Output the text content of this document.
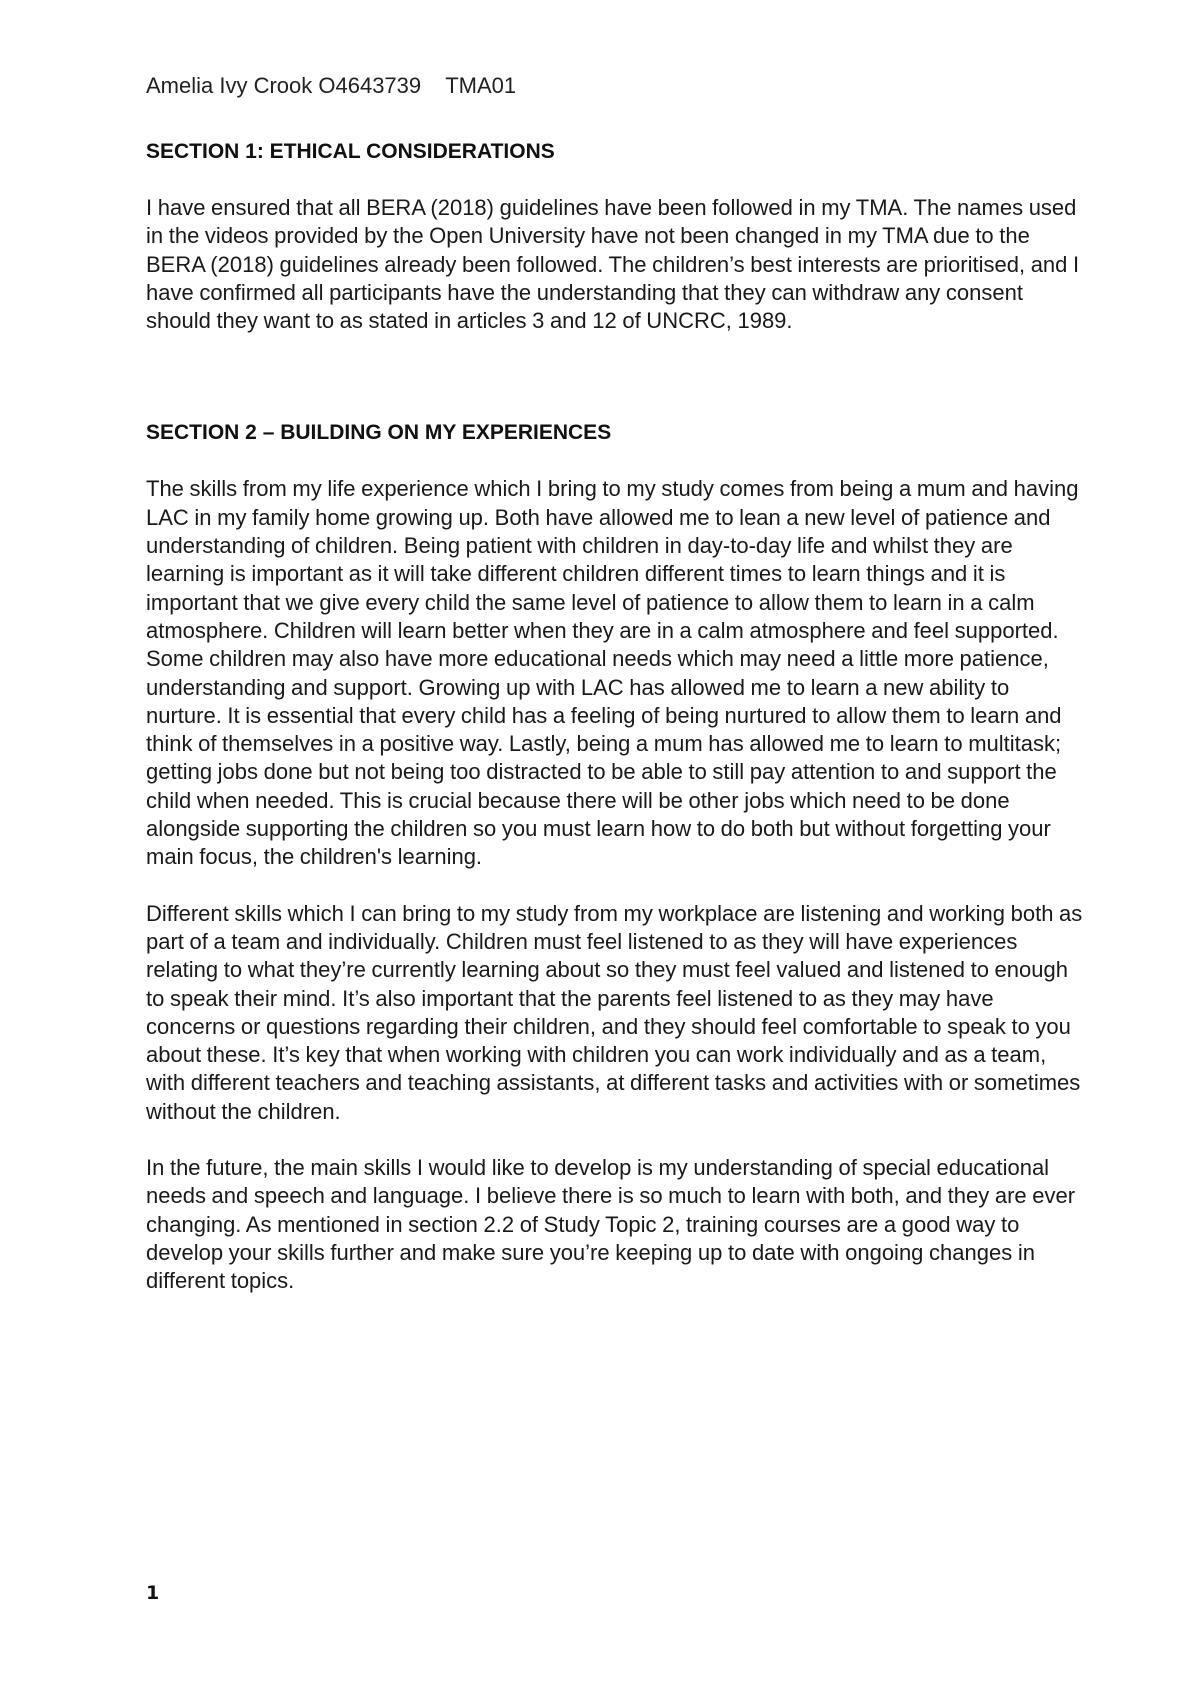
Amelia Ivy Crook O4643739    TMA01

SECTION 1: ETHICAL CONSIDERATIONS

I have ensured that all BERA (2018) guidelines have been followed in my TMA. The names used in the videos provided by the Open University have not been changed in my TMA due to the BERA (2018) guidelines already been followed. The children’s best interests are prioritised, and I have confirmed all participants have the understanding that they can withdraw any consent should they want to as stated in articles 3 and 12 of UNCRC, 1989.

SECTION 2 – BUILDING ON MY EXPERIENCES

The skills from my life experience which I bring to my study comes from being a mum and having LAC in my family home growing up. Both have allowed me to lean a new level of patience and understanding of children. Being patient with children in day-to-day life and whilst they are learning is important as it will take different children different times to learn things and it is important that we give every child the same level of patience to allow them to learn in a calm atmosphere. Children will learn better when they are in a calm atmosphere and feel supported. Some children may also have more educational needs which may need a little more patience, understanding and support. Growing up with LAC has allowed me to learn a new ability to nurture. It is essential that every child has a feeling of being nurtured to allow them to learn and think of themselves in a positive way. Lastly, being a mum has allowed me to learn to multitask; getting jobs done but not being too distracted to be able to still pay attention to and support the child when needed. This is crucial because there will be other jobs which need to be done alongside supporting the children so you must learn how to do both but without forgetting your main focus, the children's learning.

Different skills which I can bring to my study from my workplace are listening and working both as part of a team and individually. Children must feel listened to as they will have experiences relating to what they’re currently learning about so they must feel valued and listened to enough to speak their mind. It’s also important that the parents feel listened to as they may have concerns or questions regarding their children, and they should feel comfortable to speak to you about these. It’s key that when working with children you can work individually and as a team, with different teachers and teaching assistants, at different tasks and activities with or sometimes without the children.

In the future, the main skills I would like to develop is my understanding of special educational needs and speech and language. I believe there is so much to learn with both, and they are ever changing. As mentioned in section 2.2 of Study Topic 2, training courses are a good way to develop your skills further and make sure you’re keeping up to date with ongoing changes in different topics.

1
